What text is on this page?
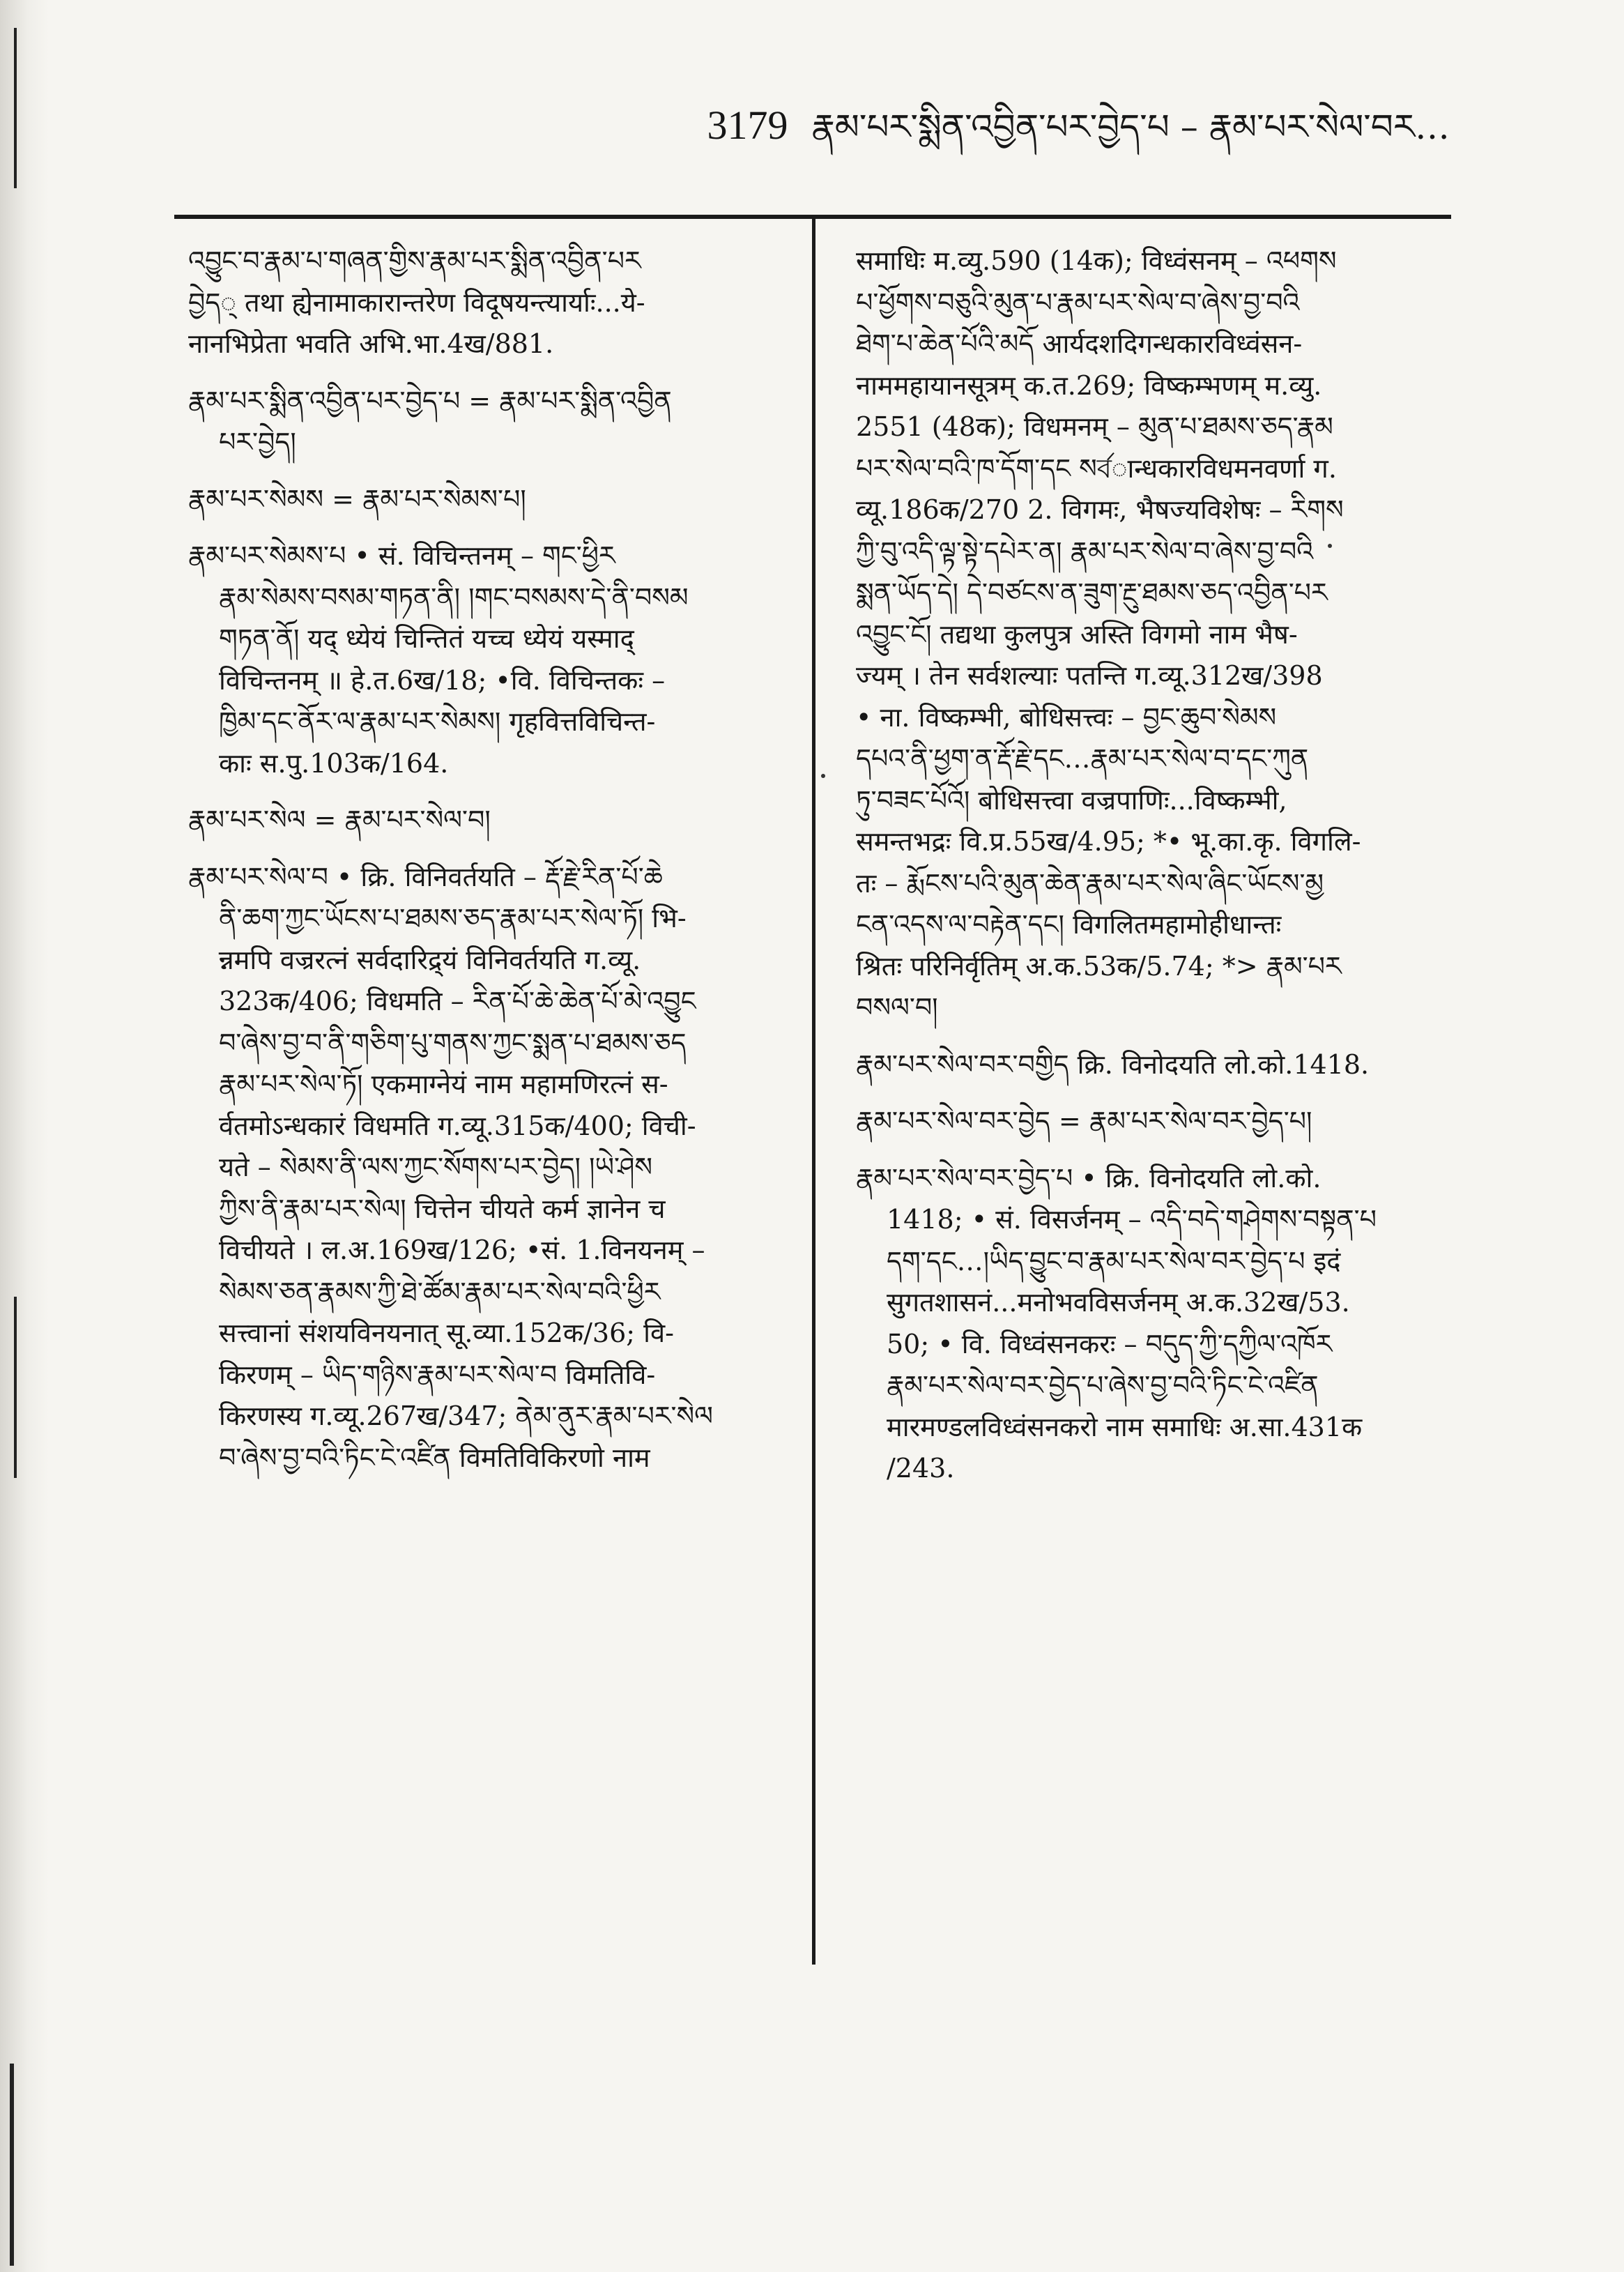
3179 རྣམ་པར་སྨིན་འབྱིན་པར་བྱེད་པ – རྣམ་པར་སེལ་བར…
འབྱུང་བ་རྣམ་པ་གཞན་གྱིས་རྣམ་པར་སྨིན་འབྱིན་པར
བྱེད् तथा ह्येनामाकारान्तरेण विदूषयन्त्यार्याः...ये-
नानभिप्रेता भवति अभि.भा.4ख/881.
རྣམ་པར་སྨིན་འབྱིན་པར་བྱེད་པ = རྣམ་པར་སྨིན་འབྱིན
པར་བྱེད།
རྣམ་པར་སེམས = རྣམ་པར་སེམས་པ།
རྣམ་པར་སེམས་པ • सं. विचिन्तनम् – གང་ཕྱིར
རྣམ་སེམས་བསམ་གཏན་ནི། །གང་བསམས་དེ་ནི་བསམ
གཏན་ནོ། यद् ध्येयं चिन्तितं यच्च ध्येयं यस्माद्
विचिन्तनम् ॥ हे.त.6ख/18; •वि. विचिन्तकः –
ཁྱིམ་དང་ནོར་ལ་རྣམ་པར་སེམས། गृहवित्तविचिन्त-
काः स.पु.103क/164.
རྣམ་པར་སེལ = རྣམ་པར་སེལ་བ།
རྣམ་པར་སེལ་བ • क्रि. विनिवर्तयति – རྡོ་རྗེ་རིན་པོ་ཆེ
ནི་ཆག་ཀྱང་ཡོངས་པ་ཐམས་ཅད་རྣམ་པར་སེལ་ཏོ། भि-
न्नमपि वज्ररत्नं सर्वदारिद्र्यं विनिवर्तयति ग.व्यू.
323क/406; विधमति – རིན་པོ་ཆེ་ཆེན་པོ་མེ་འབྱུང
བ་ཞེས་བྱ་བ་ནི་གཅིག་པུ་གནས་ཀྱང་སྨན་པ་ཐམས་ཅད
རྣམ་པར་སེལ་ཏོ། एकमाग्नेयं नाम महामणिरत्नं स-
र्वतमोऽन्धकारं विधमति ग.व्यू.315क/400; विची-
यते – སེམས་ནི་ལས་ཀྱང་སོགས་པར་བྱེད། །ཡེ་ཤེས
ཀྱིས་ནི་རྣམ་པར་སེལ། चित्तेन चीयते कर्म ज्ञानेन च
विचीयते । ल.अ.169ख/126; •सं. 1.विनयनम् –
སེམས་ཅན་རྣམས་ཀྱི་ཐེ་ཚོམ་རྣམ་པར་སེལ་བའི་ཕྱིར
सत्त्वानां संशयविनयनात् सू.व्या.152क/36; वि-
किरणम् – ཡིད་གཉིས་རྣམ་པར་སེལ་བ विमतिवि-
किरणस्य ग.व्यू.267ख/347; ནེམ་ནུར་རྣམ་པར་སེལ
བ་ཞེས་བྱ་བའི་ཏིང་ངེ་འཛིན विमतिविकिरणो नाम
समाधिः म.व्यु.590 (14क); विध्वंसनम् – འཕགས
པ་ཕྱོགས་བཅུའི་མུན་པ་རྣམ་པར་སེལ་བ་ཞེས་བྱ་བའི
ཐེག་པ་ཆེན་པོའི་མདོ आर्यदशदिगन्धकारविध्वंसन-
नाममहायानसूत्रम् क.त.269; विष्कम्भणम् म.व्यु.
2551 (48क); विधमनम् – མུན་པ་ཐམས་ཅད་རྣམ
པར་སེལ་བའི་ཁ་དོག་དང སর্বान्धकारविधमनवर्णा ग.
व्यू.186क/270 2. विगमः, भैषज्यविशेषः – རིགས
ཀྱི་བུ་འདི་ལྟ་སྟེ་དཔེར་ན། རྣམ་པར་སེལ་བ་ཞེས་བྱ་བའི
སྨན་ཡོད་དེ། དེ་བཙངས་ན་ཟུག་རྔུ་ཐམས་ཅད་འབྱིན་པར
འབྱུང་ངོ། तद्यथा कुलपुत्र अस्ति विगमो नाम भैष-
ज्यम् । तेन सर्वशल्याः पतन्ति ग.व्यू.312ख/398
• ना. विष्कम्भी, बोधिसत्त्वः – བྱང་ཆུབ་སེམས
དཔའ་ནི་ཕྱག་ན་རྡོ་རྗེ་དང…རྣམ་པར་སེལ་བ་དང་ཀུན
ཏུ་བཟང་པོའོ། बोधिसत्त्वा वज्रपाणिः...विष्कम्भी,
समन्तभद्रः वि.प्र.55ख/4.95; *• भू.का.कृ. विगलि-
तः – རྨོངས་པའི་མུན་ཆེན་རྣམ་པར་སེལ་ཞིང་ཡོངས་མྱ
ངན་འདས་ལ་བརྟེན་དང། विगलितमहामोहीधान्तः
श्रितः परिनिर्वृतिम् अ.क.53क/5.74; *> རྣམ་པར
བསལ་བ།
རྣམ་པར་སེལ་བར་བགྱིད क्रि. विनोदयति लो.को.1418.
རྣམ་པར་སེལ་བར་བྱེད = རྣམ་པར་སེལ་བར་བྱེད་པ།
རྣམ་པར་སེལ་བར་བྱེད་པ • क्रि. विनोदयति लो.को.
1418; • सं. विसर्जनम् – འདི་བདེ་གཤེགས་བསྟན་པ
དག་དང…།ཡིད་བྱུང་བ་རྣམ་པར་སེལ་བར་བྱེད་པ इदं
सुगतशासनं...मनोभवविसर्जनम् अ.क.32ख/53.
50; • वि. विध्वंसनकरः – བདུད་ཀྱི་དཀྱིལ་འཁོར
རྣམ་པར་སེལ་བར་བྱེད་པ་ཞེས་བྱ་བའི་ཏིང་ངེ་འཛིན
मारमण्डलविध्वंसनकरो नाम समाधिः अ.सा.431क
/243.
